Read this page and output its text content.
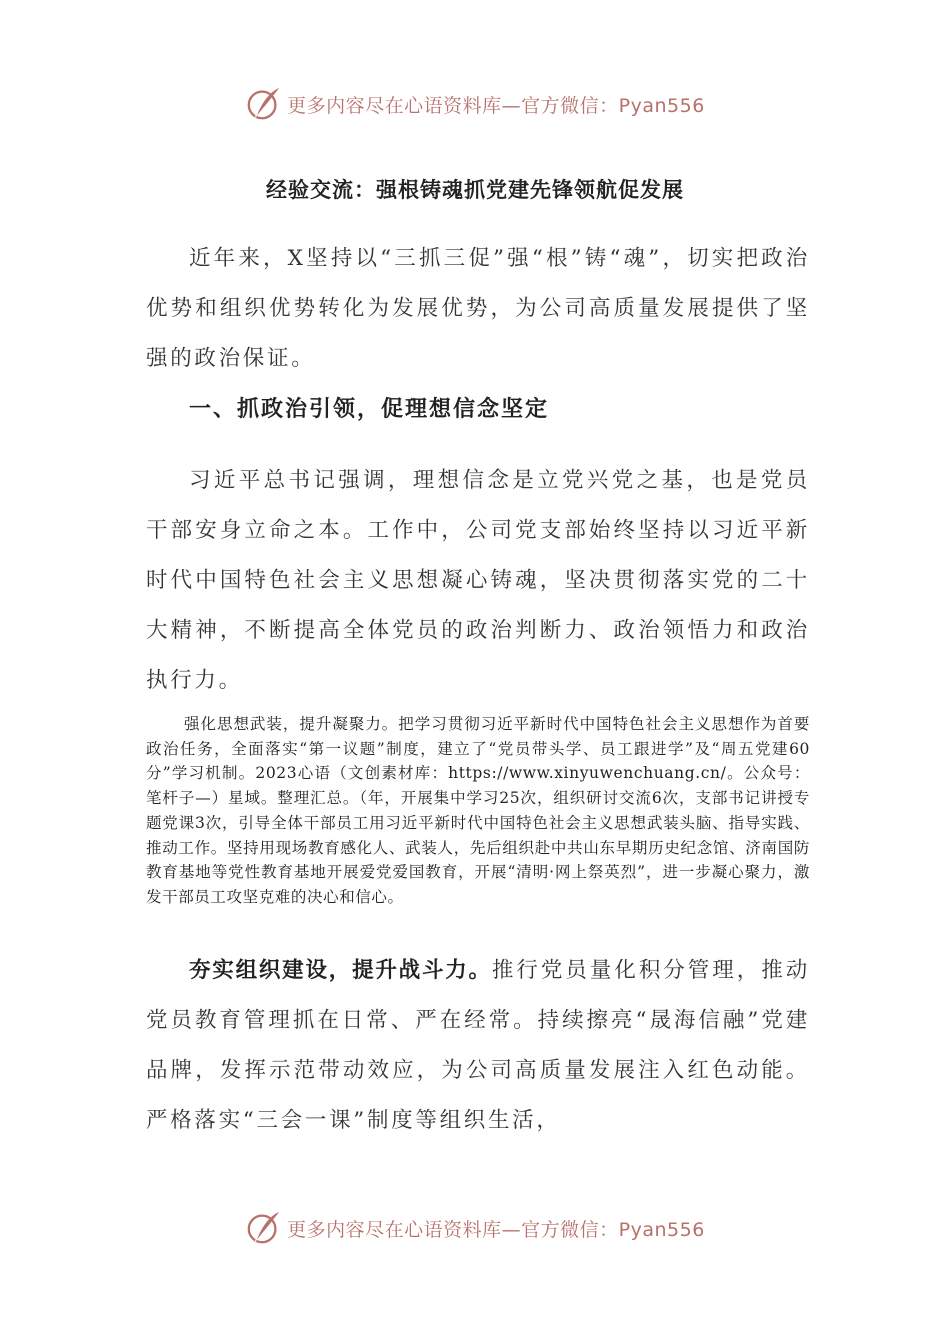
更多内容尽在心语资料库—官方微信：Pyan556
经验交流：强根铸魂抓党建先锋领航促发展

近年来，X坚持以“三抓三促”强“根”铸“魂”，切实把政治优势和组织优势转化为发展优势，为公司高质量发展提供了坚强的政治保证。

一、抓政治引领，促理想信念坚定

习近平总书记强调，理想信念是立党兴党之基，也是党员干部安身立命之本。工作中，公司党支部始终坚持以习近平新时代中国特色社会主义思想凝心铸魂，坚决贯彻落实党的二十大精神，不断提高全体党员的政治判断力、政治领悟力和政治执行力。

强化思想武装，提升凝聚力。把学习贯彻习近平新时代中国特色社会主义思想作为首要政治任务，全面落实“第一议题”制度，建立了“党员带头学、员工跟进学”及“周五党建60分”学习机制。2023心语（文创素材库：https://www.xinyuwenchuang.cn/。公众号：笔杆子—）星域。整理汇总。（年，开展集中学习25次，组织研讨交流6次，支部书记讲授专题党课3次，引导全体干部员工用习近平新时代中国特色社会主义思想武装头脑、指导实践、推动工作。坚持用现场教育感化人、武装人，先后组织赴中共山东早期历史纪念馆、济南国防教育基地等党性教育基地开展爱党爱国教育，开展“清明·网上祭英烈”，进一步凝心聚力，激发干部员工攻坚克难的决心和信心。

夯实组织建设，提升战斗力。推行党员量化积分管理，推动党员教育管理抓在日常、严在经常。持续擦亮“晟海信融”党建品牌，发挥示范带动效应，为公司高质量发展注入红色动能。严格落实“三会一课”制度等组织生活，

更多内容尽在心语资料库—官方微信：Pyan556
